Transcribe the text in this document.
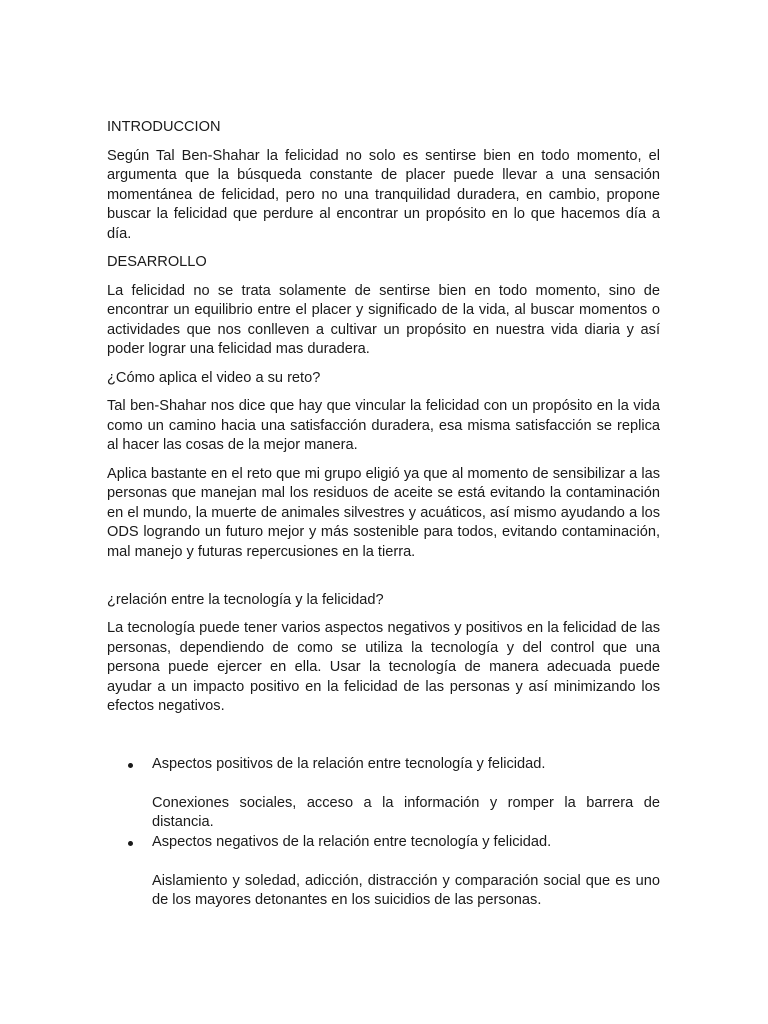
INTRODUCCION

Según Tal Ben-Shahar la felicidad no solo es sentirse bien en todo momento, el argumenta que la búsqueda constante de placer puede llevar a una sensación momentánea de felicidad, pero no una tranquilidad duradera, en cambio, propone buscar la felicidad que perdure al encontrar un propósito en lo que hacemos día a día.

DESARROLLO

La felicidad no se trata solamente de sentirse bien en todo momento, sino de encontrar un equilibrio entre el placer y significado de la vida, al buscar momentos o actividades que nos conlleven a cultivar un propósito en nuestra vida diaria y así poder lograr una felicidad mas duradera.

¿Cómo aplica el video a su reto?

Tal ben-Shahar nos dice que hay que vincular la felicidad con un propósito en la vida como un camino hacia una satisfacción duradera, esa misma satisfacción se replica al hacer las cosas de la mejor manera.

Aplica bastante en el reto que mi grupo eligió ya que al momento de sensibilizar a las personas que manejan mal los residuos de aceite se está evitando la contaminación en el mundo, la muerte de animales silvestres y acuáticos, así mismo ayudando a los ODS logrando un futuro mejor y más sostenible para todos, evitando contaminación, mal manejo y futuras repercusiones en la tierra.

¿relación entre la tecnología y la felicidad?

La tecnología puede tener varios aspectos negativos y positivos en la felicidad de las personas, dependiendo de como se utiliza la tecnología y del control que una persona puede ejercer en ella. Usar la tecnología de manera adecuada puede ayudar a un impacto positivo en la felicidad de las personas y así minimizando los efectos negativos.

Aspectos positivos de la relación entre tecnología y felicidad.

Conexiones sociales, acceso a la información y romper la barrera de distancia.

Aspectos negativos de la relación entre tecnología y felicidad.

Aislamiento y soledad, adicción, distracción y comparación social que es uno de los mayores detonantes en los suicidios de las personas.
